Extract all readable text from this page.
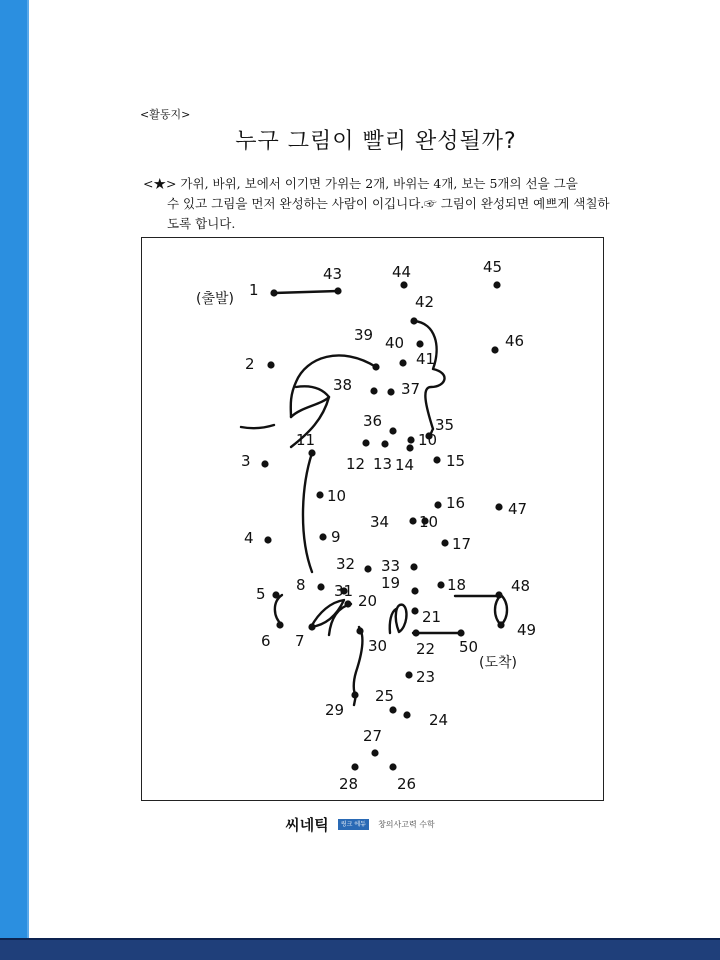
<활동지>
누구 그림이 빨리 완성될까?
<★> 가위, 바위, 보에서 이기면 가위는 2개, 바위는 4개, 보는 5개의 선을 그을
수 있고 그림을 먼저 완성하는 사람이 이깁니다.☞ 그림이 완성되면 예쁘게 색칠하도록 합니다.
1
2
3
4
5
6 7
8
9
10
10
10
11
12 13 14 15
16
17
18
19
20
21
22
23
24
25
26
27
28
29
30
31
32 33
34
35
36
37
38
39 40
41
42
43	44	45
46
47
48
49
50
(출발)
(도착)
씨네틱 링크 에듀 창의사고력 수학
